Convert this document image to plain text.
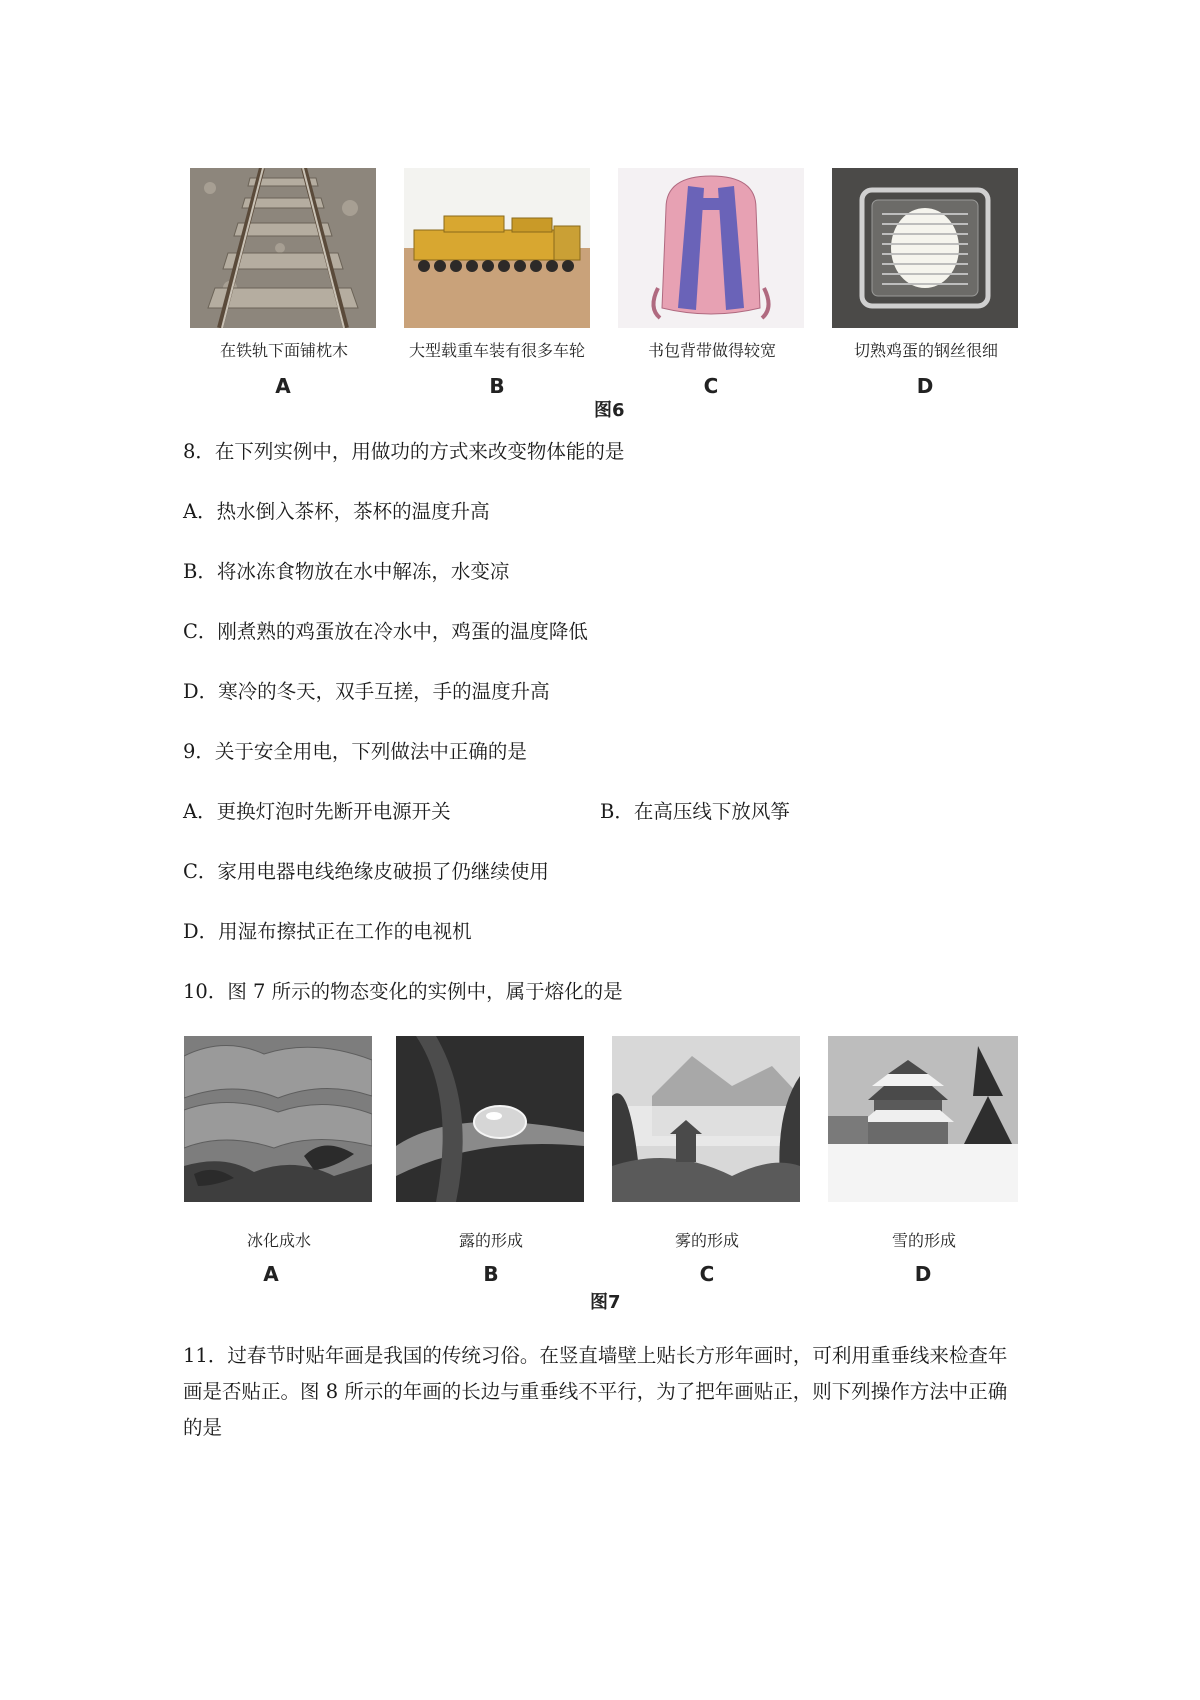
在铁轨下面铺枕木
A
大型载重车装有很多车轮
B
书包背带做得较宽
C
切熟鸡蛋的钢丝很细
D
图6
8．在下列实例中，用做功的方式来改变物体能的是
A．热水倒入茶杯，茶杯的温度升高
B．将冰冻食物放在水中解冻，水变凉
C．刚煮熟的鸡蛋放在冷水中，鸡蛋的温度降低
D．寒冷的冬天，双手互搓，手的温度升高
9．关于安全用电，下列做法中正确的是
A．更换灯泡时先断开电源开关	B．在高压线下放风筝
C．家用电器电线绝缘皮破损了仍继续使用
D．用湿布擦拭正在工作的电视机
10．图 7 所示的物态变化的实例中，属于熔化的是
冰化成水
A
露的形成
B
雾的形成
C
雪的形成
D
图7
11．过春节时贴年画是我国的传统习俗。在竖直墙壁上贴长方形年画时，可利用重垂线来检查年画是否贴正。图 8 所示的年画的长边与重垂线不平行，为了把年画贴正，则下列操作方法中正确的是
